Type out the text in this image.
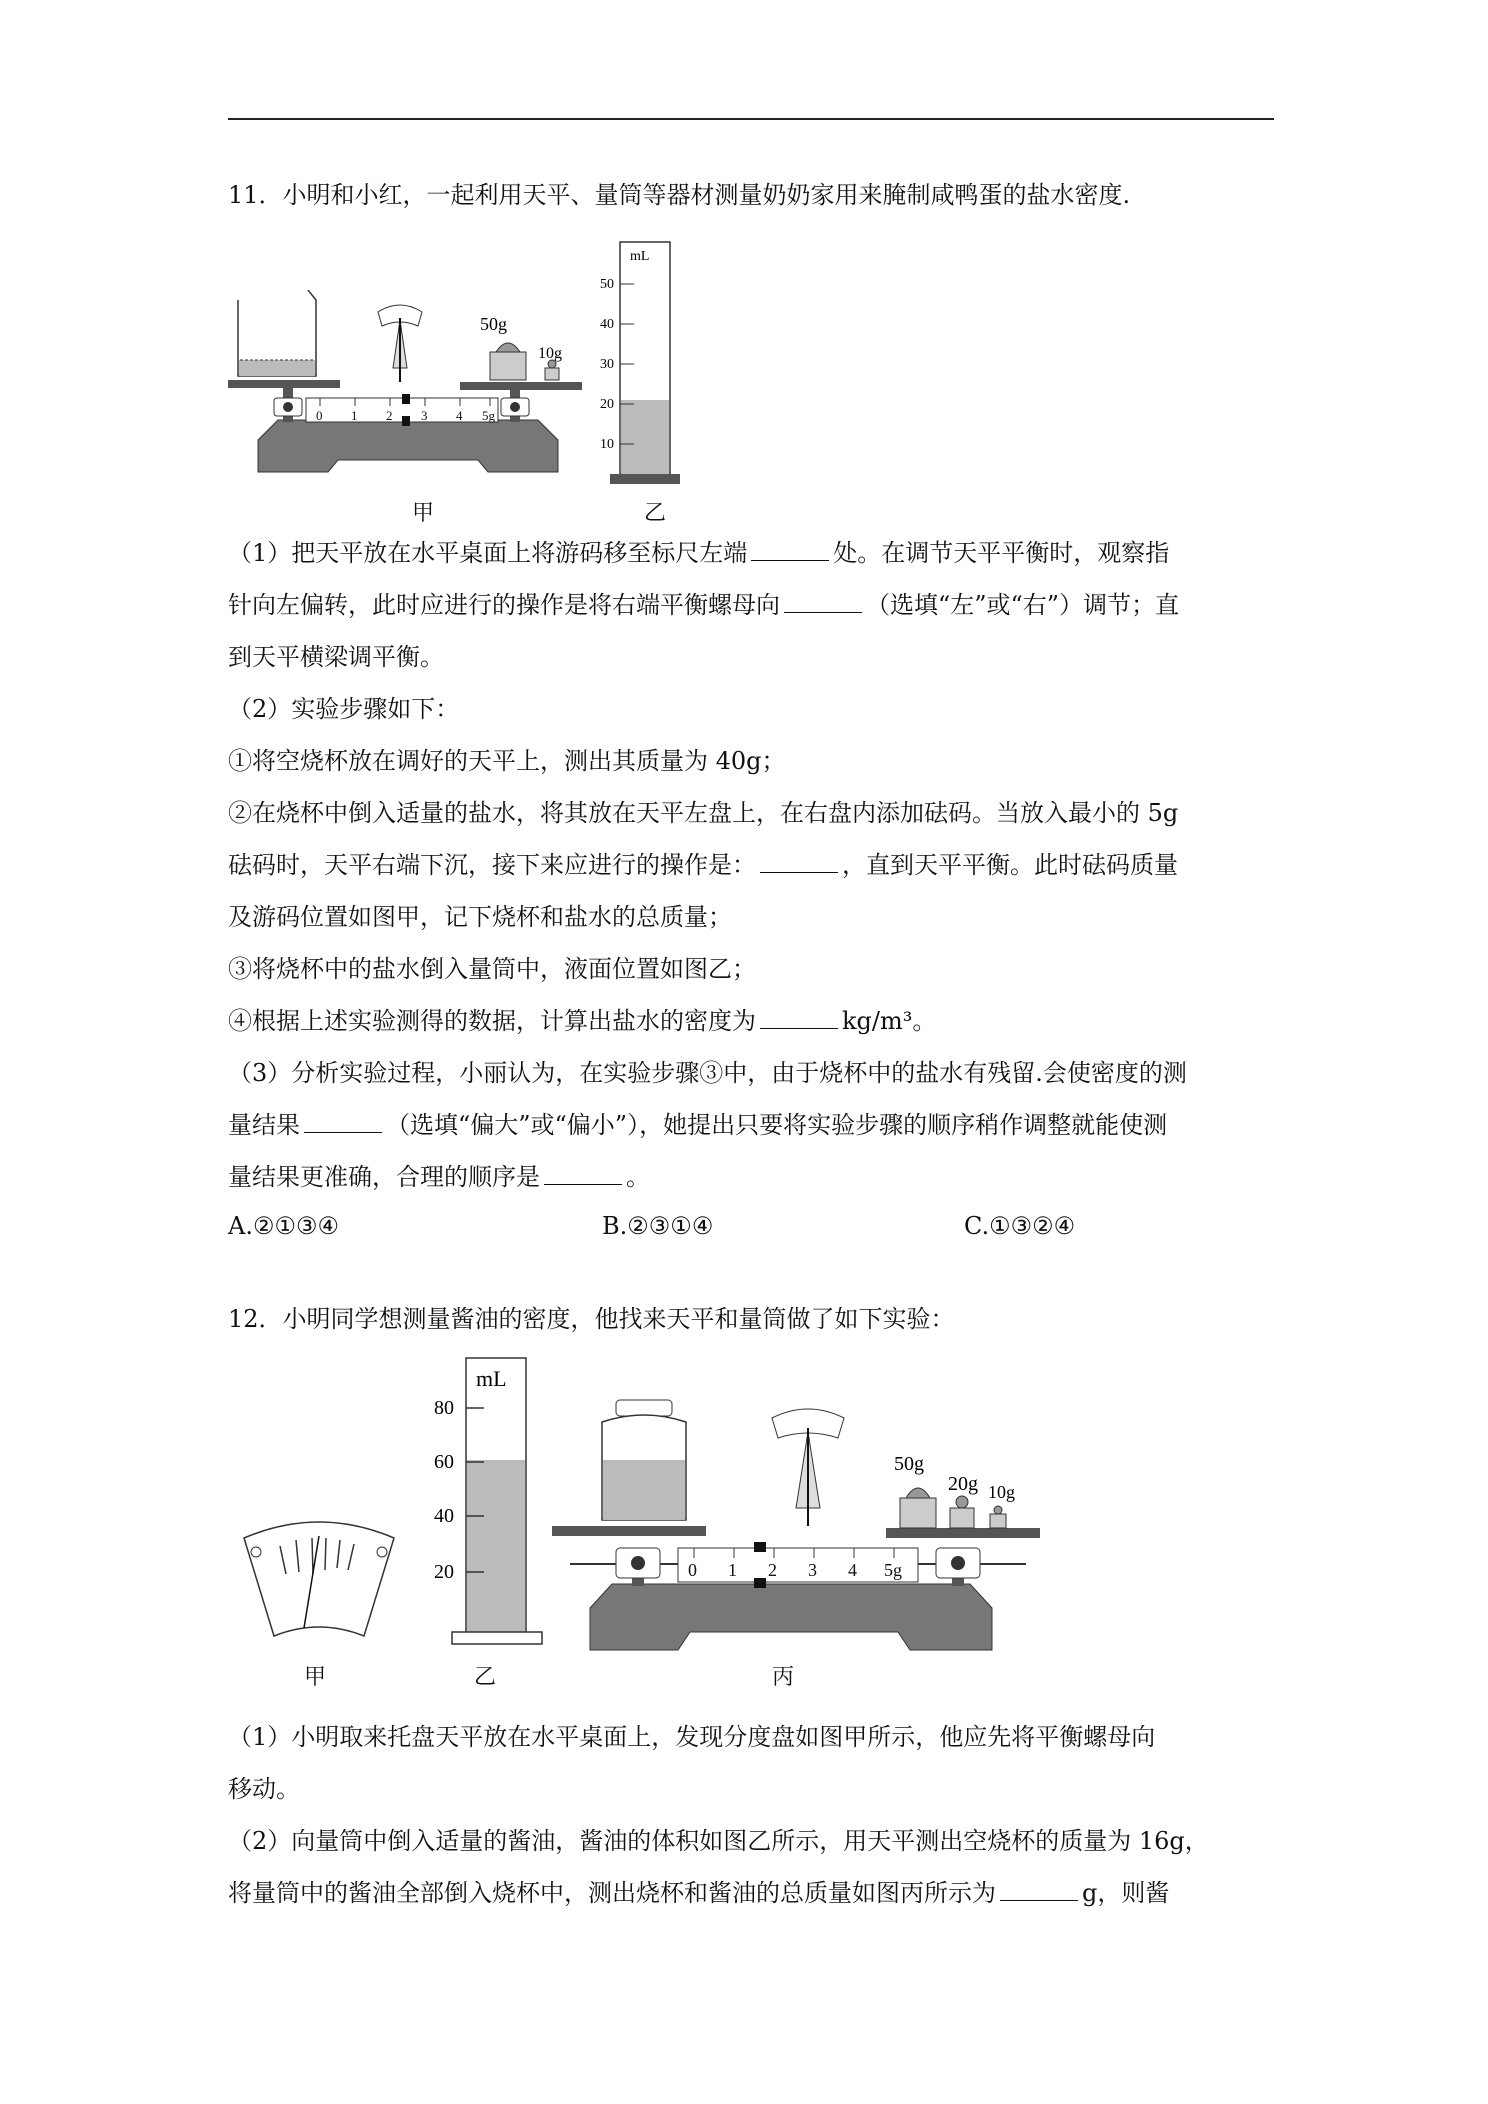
11．小明和小红，一起利用天平、量筒等器材测量奶奶家用来腌制咸鸭蛋的盐水密度.
0 1 2 3 4 5g
50g
10g
甲
mL
50
40
30
20
10
乙
（1）把天平放在水平桌面上将游码移至标尺左端	处。在调节天平平衡时，观察指
针向左偏转，此时应进行的操作是将右端平衡螺母向	（选填“左”或“右”）调节；直
到天平横梁调平衡。
（2）实验步骤如下：
①将空烧杯放在调好的天平上，测出其质量为 40g；
②在烧杯中倒入适量的盐水，将其放在天平左盘上，在右盘内添加砝码。当放入最小的 5g
砝码时，天平右端下沉，接下来应进行的操作是：	，直到天平平衡。此时砝码质量
及游码位置如图甲，记下烧杯和盐水的总质量；
③将烧杯中的盐水倒入量筒中，液面位置如图乙；
④根据上述实验测得的数据，计算出盐水的密度为	kg/m³。
（3）分析实验过程，小丽认为，在实验步骤③中，由于烧杯中的盐水有残留.会使密度的测
量结果	（选填“偏大”或“偏小”），她提出只要将实验步骤的顺序稍作调整就能使测
量结果更准确，合理的顺序是	。
A.②①③④	B.②③①④	C.①③②④
12．小明同学想测量酱油的密度，他找来天平和量筒做了如下实验：
甲
mL
80
60
40
20
乙
0 1 2 3 4 5g
50g
20g 10g
丙
（1）小明取来托盘天平放在水平桌面上，发现分度盘如图甲所示，他应先将平衡螺母向
移动。
（2）向量筒中倒入适量的酱油，酱油的体积如图乙所示，用天平测出空烧杯的质量为 16g，
将量筒中的酱油全部倒入烧杯中，测出烧杯和酱油的总质量如图丙所示为	g，则酱
